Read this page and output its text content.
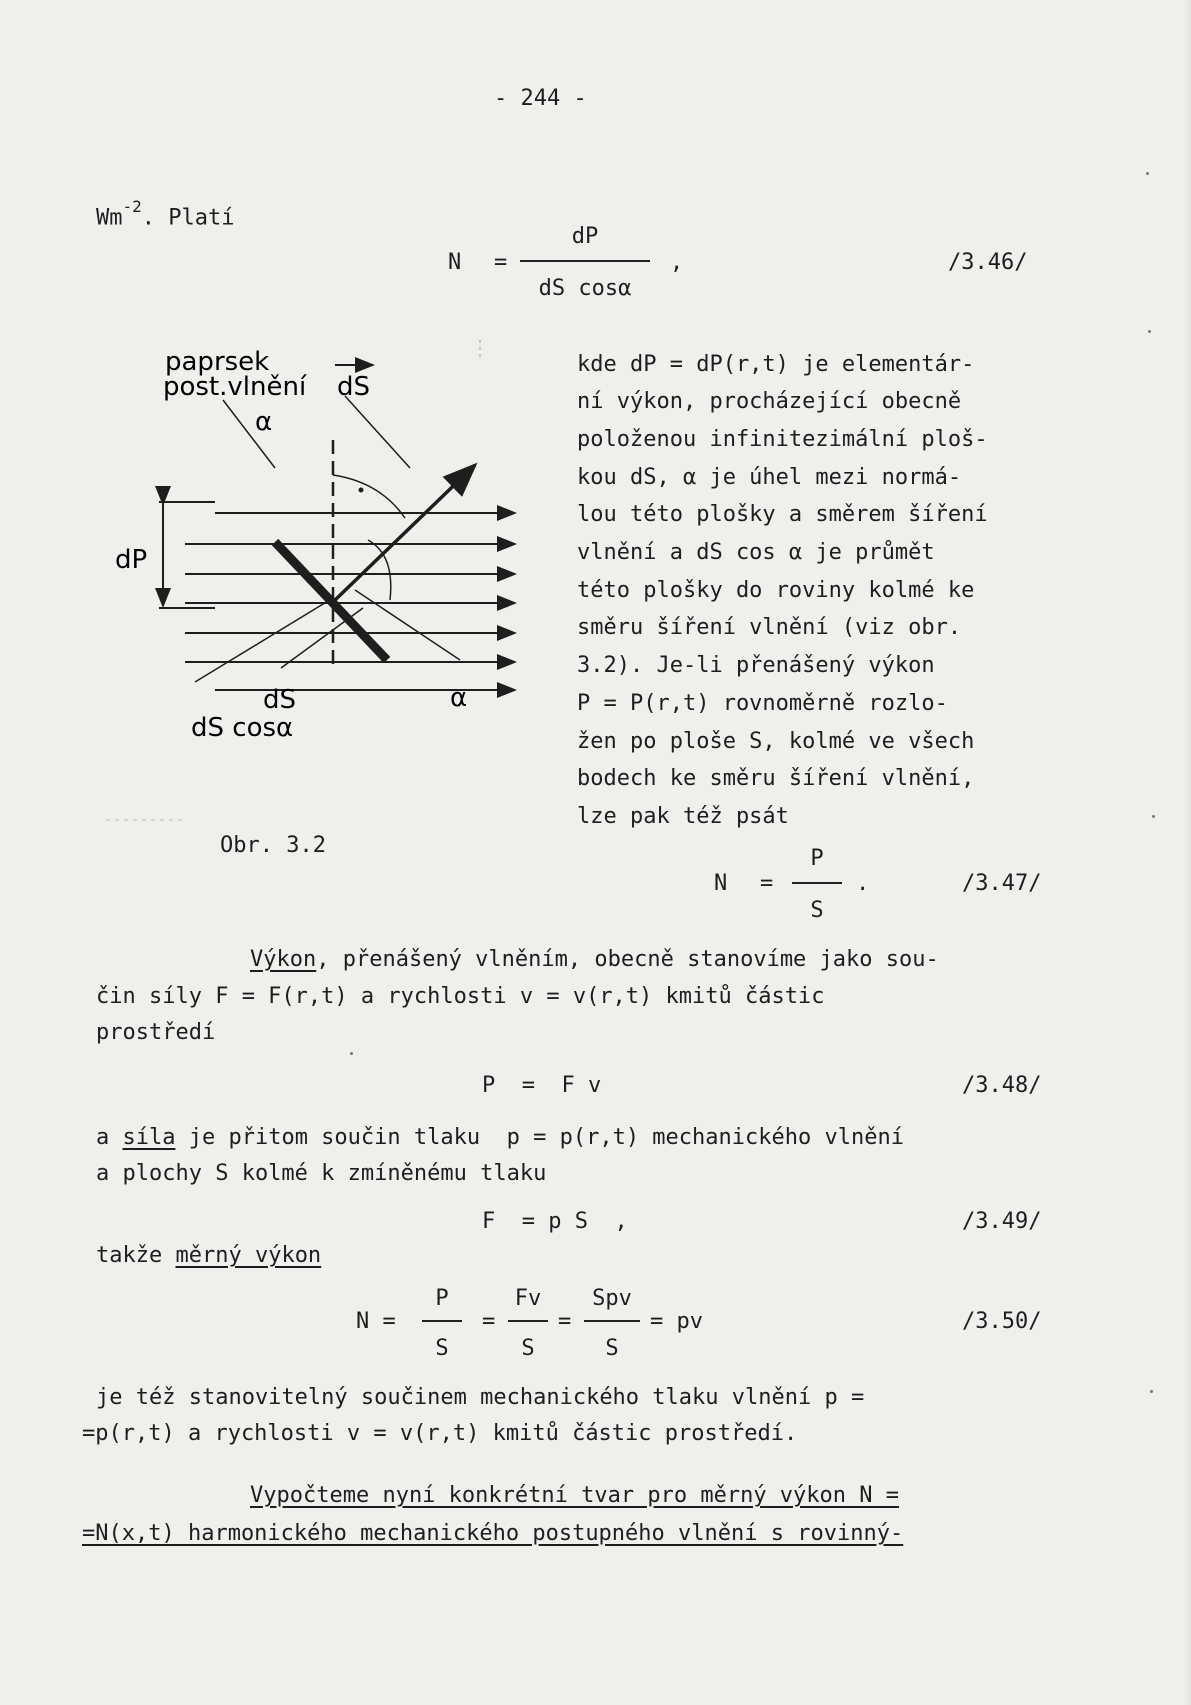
- 244 -
$Wm^{-2}$. Platí
N =
dP
dS cosα
,	/3.46/
paprsek
post.vlnění
α
dS
dP
dS
dS cosα
α
Obr. 3.2
kde dP = dP(r,t) je elementár-
ní výkon, procházející obecně
položenou infinitezimální ploš-
kou dS, α je úhel mezi normá-
lou této plošky a směrem šíření
vlnění a dS cos α je průmět
této plošky do roviny kolmé ke
směru šíření vlnění (viz obr.
3.2). Je-li přenášený výkon
P = P(r,t) rovnoměrně rozlo-
žen po ploše S, kolmé ve všech
bodech ke směru šíření vlnění,
lze pak též psát
N =
P
S
.	/3.47/
Výkon, přenášený vlněním, obecně stanovíme jako sou-
čin síly F = F(r,t) a rychlosti v = v(r,t) kmitů částic
prostředí
P  =  F v	/3.48/
a síla je přitom součin tlaku  p = p(r,t) mechanického vlnění
a plochy S kolmé k zmíněnému tlaku
F  = p S  ,	/3.49/
takže měrný výkon
N =
P
S
=
Fv
S
=
Spv
S
= pv	/3.50/
je též stanovitelný součinem mechanického tlaku vlnění p =
=p(r,t) a rychlosti v = v(r,t) kmitů částic prostředí.
Vypočteme nyní konkrétní tvar pro měrný výkon N =
=N(x,t) harmonického mechanického postupného vlnění s rovinný-
